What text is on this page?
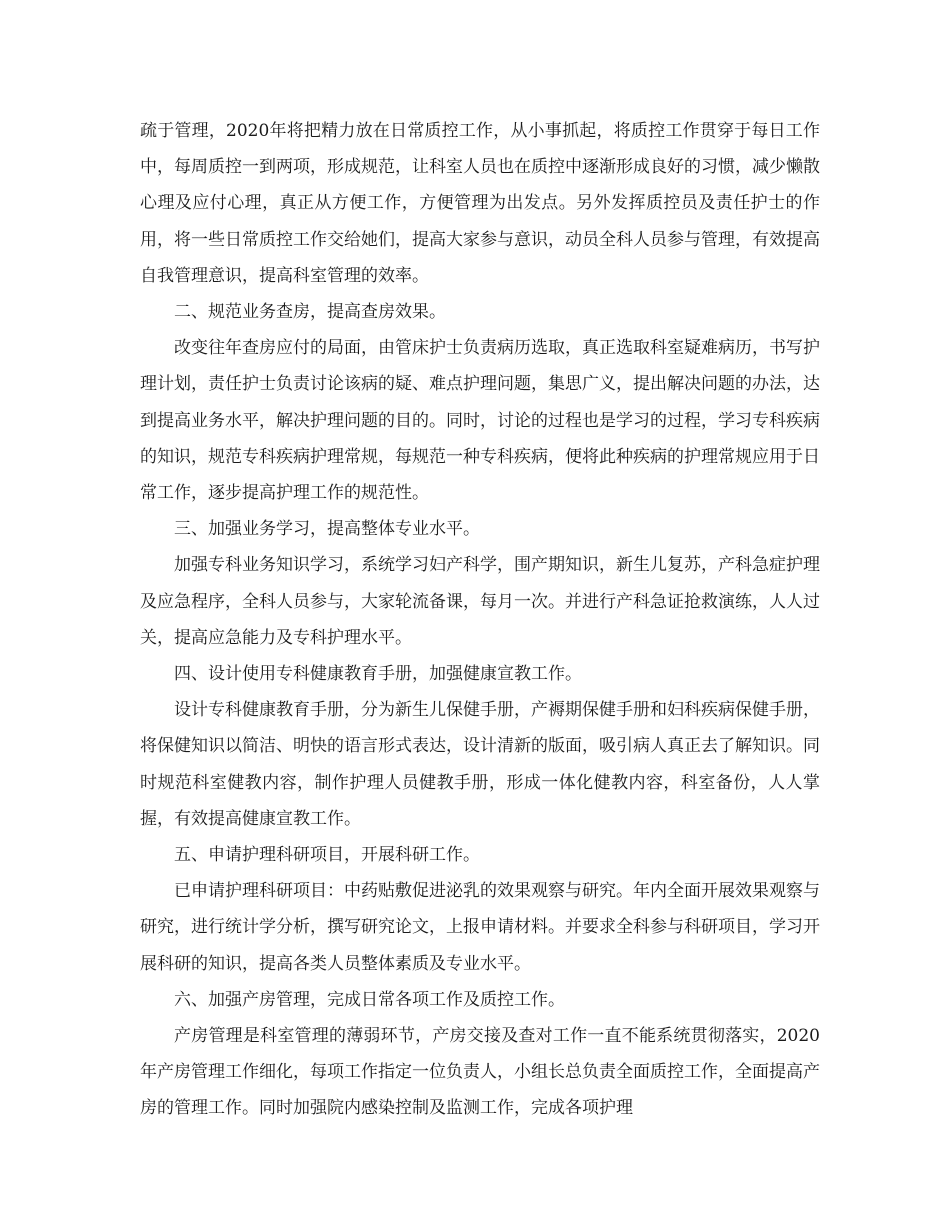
疏于管理，2020年将把精力放在日常质控工作，从小事抓起，将质控工作贯穿于每日工作中，每周质控一到两项，形成规范，让科室人员也在质控中逐渐形成良好的习惯，减少懒散心理及应付心理，真正从方便工作，方便管理为出发点。另外发挥质控员及责任护士的作用，将一些日常质控工作交给她们，提高大家参与意识，动员全科人员参与管理，有效提高自我管理意识，提高科室管理的效率。

二、规范业务查房，提高查房效果。

改变往年查房应付的局面，由管床护士负责病历选取，真正选取科室疑难病历，书写护理计划，责任护士负责讨论该病的疑、难点护理问题，集思广义，提出解决问题的办法，达到提高业务水平，解决护理问题的目的。同时，讨论的过程也是学习的过程，学习专科疾病的知识，规范专科疾病护理常规，每规范一种专科疾病，便将此种疾病的护理常规应用于日常工作，逐步提高护理工作的规范性。

三、加强业务学习，提高整体专业水平。

加强专科业务知识学习，系统学习妇产科学，围产期知识，新生儿复苏，产科急症护理及应急程序，全科人员参与，大家轮流备课，每月一次。并进行产科急证抢救演练，人人过关，提高应急能力及专科护理水平。

四、设计使用专科健康教育手册，加强健康宣教工作。

设计专科健康教育手册，分为新生儿保健手册，产褥期保健手册和妇科疾病保健手册，将保健知识以简洁、明快的语言形式表达，设计清新的版面，吸引病人真正去了解知识。同时规范科室健教内容，制作护理人员健教手册，形成一体化健教内容，科室备份，人人掌握，有效提高健康宣教工作。

五、申请护理科研项目，开展科研工作。

已申请护理科研项目：中药贴敷促进泌乳的效果观察与研究。年内全面开展效果观察与研究，进行统计学分析，撰写研究论文，上报申请材料。并要求全科参与科研项目，学习开展科研的知识，提高各类人员整体素质及专业水平。

六、加强产房管理，完成日常各项工作及质控工作。

产房管理是科室管理的薄弱环节，产房交接及查对工作一直不能系统贯彻落实，2020年产房管理工作细化，每项工作指定一位负责人，小组长总负责全面质控工作，全面提高产房的管理工作。同时加强院内感染控制及监测工作，完成各项护理
